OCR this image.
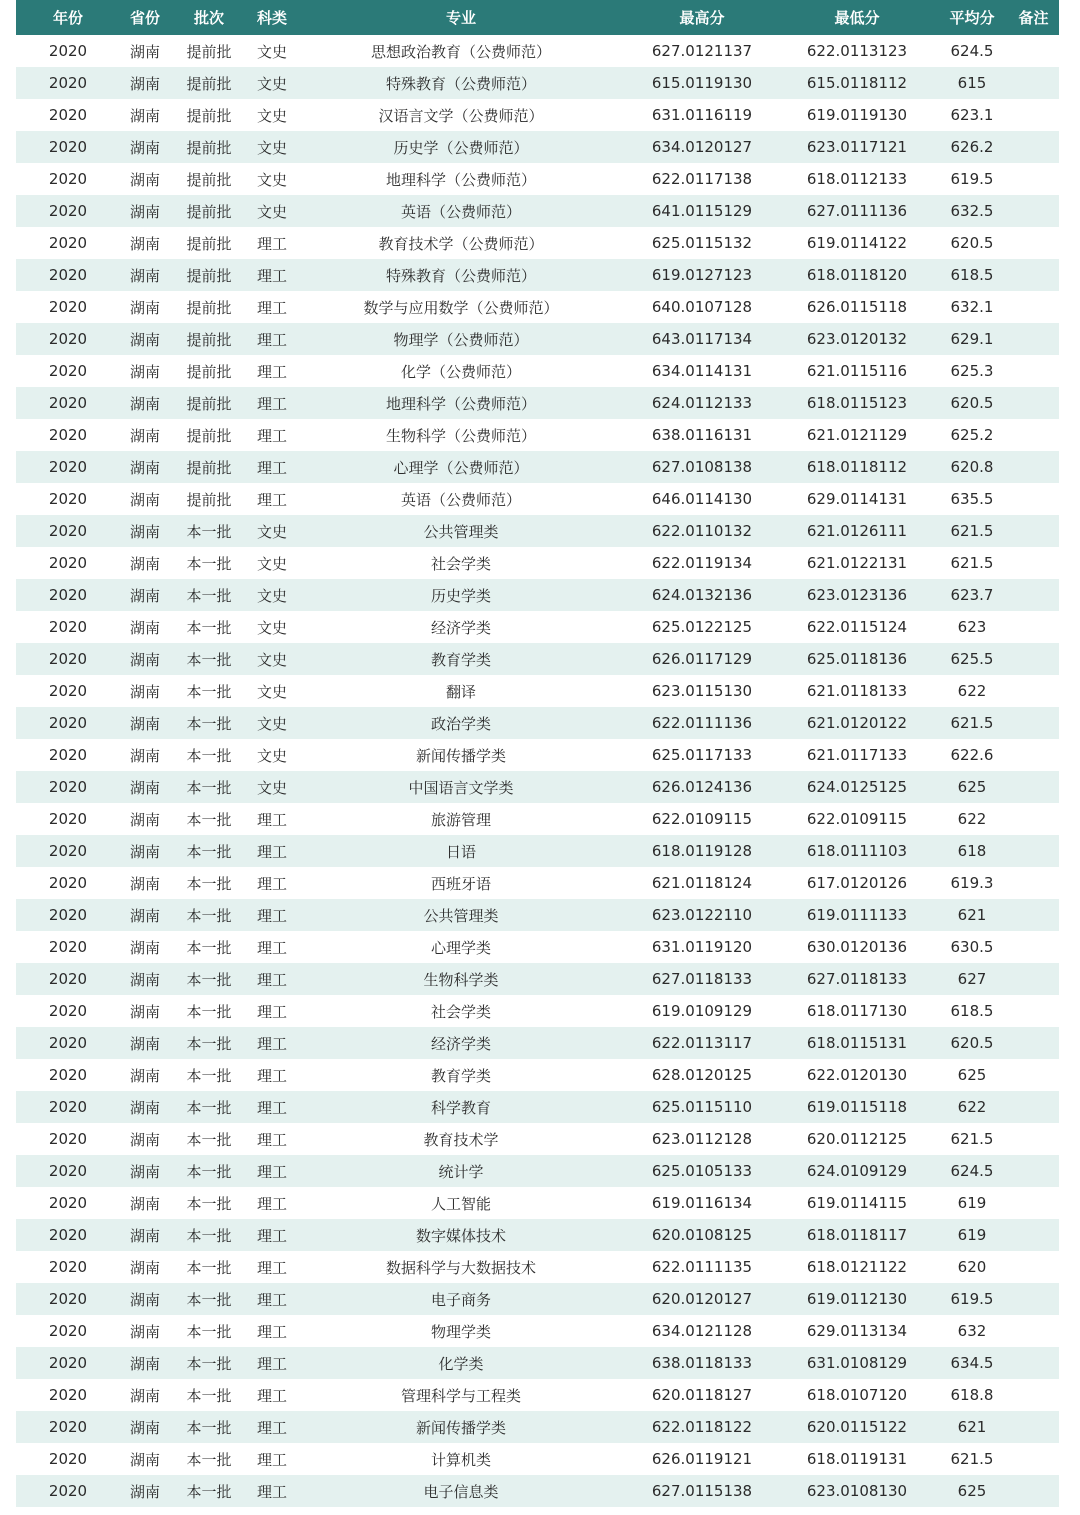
年份	省份	批次	科类	专业	最高分	最低分	平均分	备注
2020	湖南	提前批	文史	思想政治教育（公费师范）	627.0121137	622.0113123	624.5	
2020	湖南	提前批	文史	特殊教育（公费师范）	615.0119130	615.0118112	615	
2020	湖南	提前批	文史	汉语言文学（公费师范）	631.0116119	619.0119130	623.1	
2020	湖南	提前批	文史	历史学（公费师范）	634.0120127	623.0117121	626.2	
2020	湖南	提前批	文史	地理科学（公费师范）	622.0117138	618.0112133	619.5	
2020	湖南	提前批	文史	英语（公费师范）	641.0115129	627.0111136	632.5	
2020	湖南	提前批	理工	教育技术学（公费师范）	625.0115132	619.0114122	620.5	
2020	湖南	提前批	理工	特殊教育（公费师范）	619.0127123	618.0118120	618.5	
2020	湖南	提前批	理工	数学与应用数学（公费师范）	640.0107128	626.0115118	632.1	
2020	湖南	提前批	理工	物理学（公费师范）	643.0117134	623.0120132	629.1	
2020	湖南	提前批	理工	化学（公费师范）	634.0114131	621.0115116	625.3	
2020	湖南	提前批	理工	地理科学（公费师范）	624.0112133	618.0115123	620.5	
2020	湖南	提前批	理工	生物科学（公费师范）	638.0116131	621.0121129	625.2	
2020	湖南	提前批	理工	心理学（公费师范）	627.0108138	618.0118112	620.8	
2020	湖南	提前批	理工	英语（公费师范）	646.0114130	629.0114131	635.5	
2020	湖南	本一批	文史	公共管理类	622.0110132	621.0126111	621.5	
2020	湖南	本一批	文史	社会学类	622.0119134	621.0122131	621.5	
2020	湖南	本一批	文史	历史学类	624.0132136	623.0123136	623.7	
2020	湖南	本一批	文史	经济学类	625.0122125	622.0115124	623	
2020	湖南	本一批	文史	教育学类	626.0117129	625.0118136	625.5	
2020	湖南	本一批	文史	翻译	623.0115130	621.0118133	622	
2020	湖南	本一批	文史	政治学类	622.0111136	621.0120122	621.5	
2020	湖南	本一批	文史	新闻传播学类	625.0117133	621.0117133	622.6	
2020	湖南	本一批	文史	中国语言文学类	626.0124136	624.0125125	625	
2020	湖南	本一批	理工	旅游管理	622.0109115	622.0109115	622	
2020	湖南	本一批	理工	日语	618.0119128	618.0111103	618	
2020	湖南	本一批	理工	西班牙语	621.0118124	617.0120126	619.3	
2020	湖南	本一批	理工	公共管理类	623.0122110	619.0111133	621	
2020	湖南	本一批	理工	心理学类	631.0119120	630.0120136	630.5	
2020	湖南	本一批	理工	生物科学类	627.0118133	627.0118133	627	
2020	湖南	本一批	理工	社会学类	619.0109129	618.0117130	618.5	
2020	湖南	本一批	理工	经济学类	622.0113117	618.0115131	620.5	
2020	湖南	本一批	理工	教育学类	628.0120125	622.0120130	625	
2020	湖南	本一批	理工	科学教育	625.0115110	619.0115118	622	
2020	湖南	本一批	理工	教育技术学	623.0112128	620.0112125	621.5	
2020	湖南	本一批	理工	统计学	625.0105133	624.0109129	624.5	
2020	湖南	本一批	理工	人工智能	619.0116134	619.0114115	619	
2020	湖南	本一批	理工	数字媒体技术	620.0108125	618.0118117	619	
2020	湖南	本一批	理工	数据科学与大数据技术	622.0111135	618.0121122	620	
2020	湖南	本一批	理工	电子商务	620.0120127	619.0112130	619.5	
2020	湖南	本一批	理工	物理学类	634.0121128	629.0113134	632	
2020	湖南	本一批	理工	化学类	638.0118133	631.0108129	634.5	
2020	湖南	本一批	理工	管理科学与工程类	620.0118127	618.0107120	618.8	
2020	湖南	本一批	理工	新闻传播学类	622.0118122	620.0115122	621	
2020	湖南	本一批	理工	计算机类	626.0119121	618.0119131	621.5	
2020	湖南	本一批	理工	电子信息类	627.0115138	623.0108130	625	
